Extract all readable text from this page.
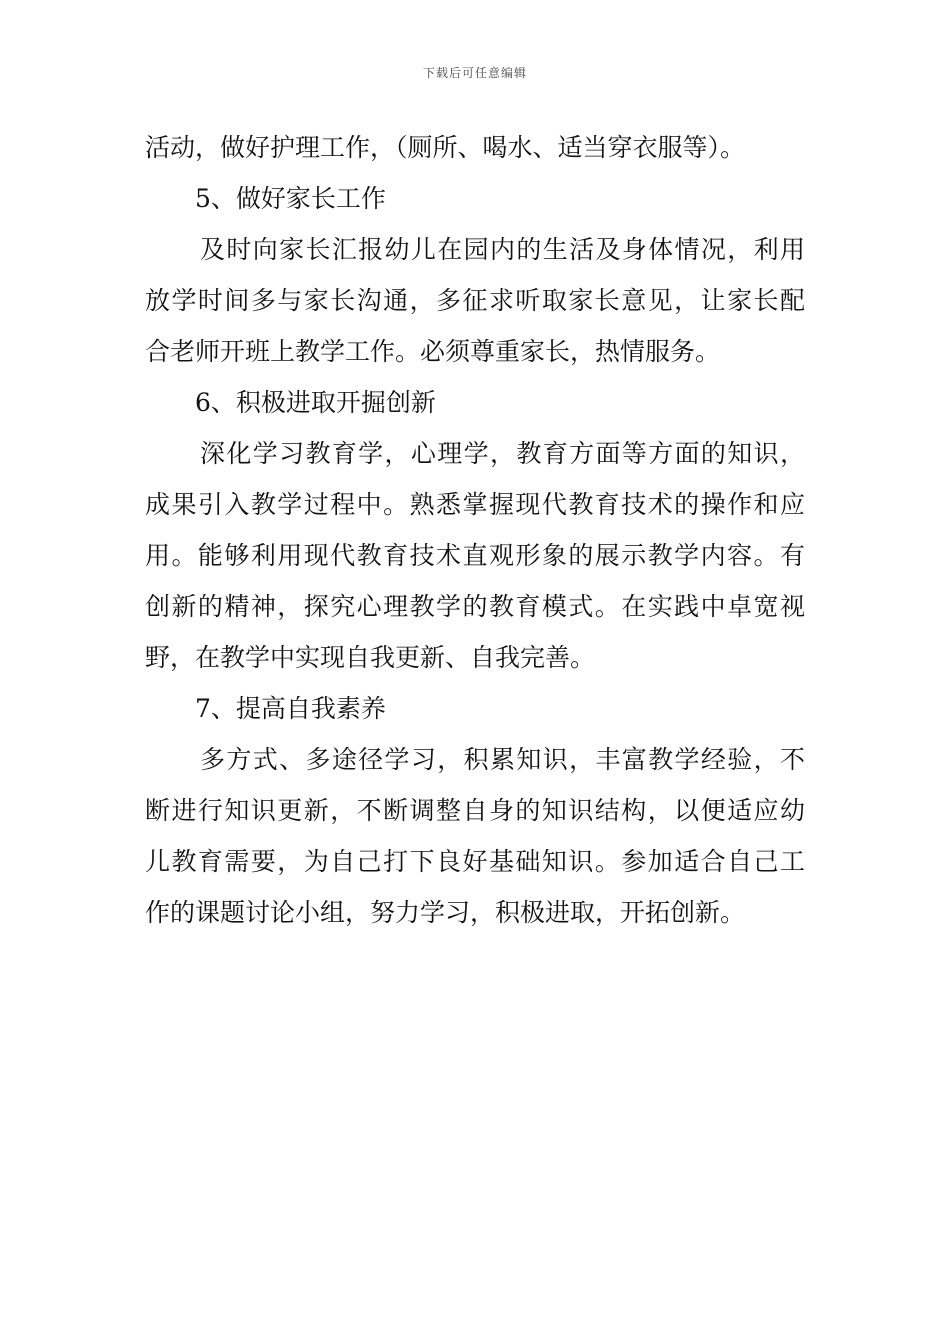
下载后可任意编辑
活动，做好护理工作，（厕所、喝水、适当穿衣服等）。
5、做好家长工作
及时向家长汇报幼儿在园内的生活及身体情况，利用
放学时间多与家长沟通，多征求听取家长意见，让家长配
合老师开班上教学工作。必须尊重家长，热情服务。
6、积极进取开掘创新
深化学习教育学，心理学，教育方面等方面的知识，
成果引入教学过程中。熟悉掌握现代教育技术的操作和应
用。能够利用现代教育技术直观形象的展示教学内容。有
创新的精神，探究心理教学的教育模式。在实践中卓宽视
野，在教学中实现自我更新、自我完善。
7、提高自我素养
多方式、多途径学习，积累知识，丰富教学经验，不
断进行知识更新，不断调整自身的知识结构，以便适应幼
儿教育需要，为自己打下良好基础知识。参加适合自己工
作的课题讨论小组，努力学习，积极进取，开拓创新。
